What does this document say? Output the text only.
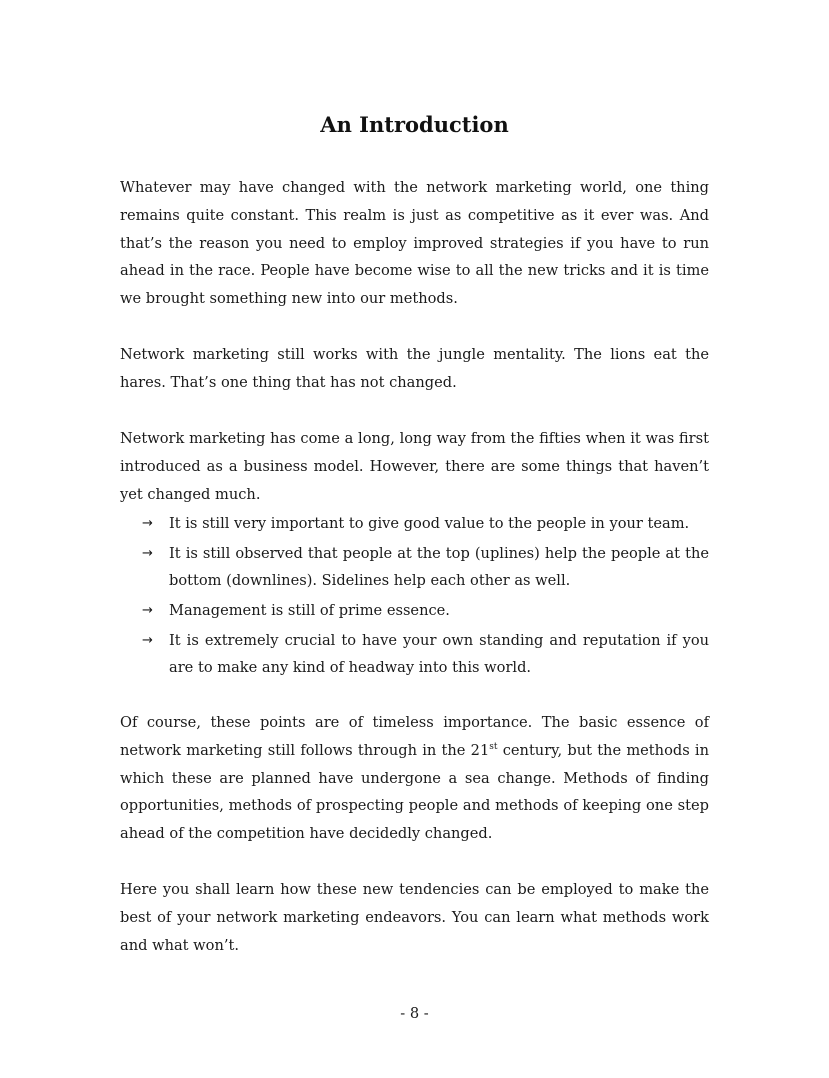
An Introduction

Whatever may have changed with the network marketing world, one thing remains quite constant. This realm is just as competitive as it ever was. And that’s the reason you need to employ improved strategies if you have to run ahead in the race. People have become wise to all the new tricks and it is time we brought something new into our methods.

Network marketing still works with the jungle mentality. The lions eat the hares. That’s one thing that has not changed.

Network marketing has come a long, long way from the fifties when it was first introduced as a business model. However, there are some things that haven’t yet changed much.

→ It is still very important to give good value to the people in your team.
→ It is still observed that people at the top (uplines) help the people at the bottom (downlines). Sidelines help each other as well.
→ Management is still of prime essence.
→ It is extremely crucial to have your own standing and reputation if you are to make any kind of headway into this world.

Of course, these points are of timeless importance. The basic essence of network marketing still follows through in the 21st century, but the methods in which these are planned have undergone a sea change. Methods of finding opportunities, methods of prospecting people and methods of keeping one step ahead of the competition have decidedly changed.

Here you shall learn how these new tendencies can be employed to make the best of your network marketing endeavors. You can learn what methods work and what won’t.

- 8 -
